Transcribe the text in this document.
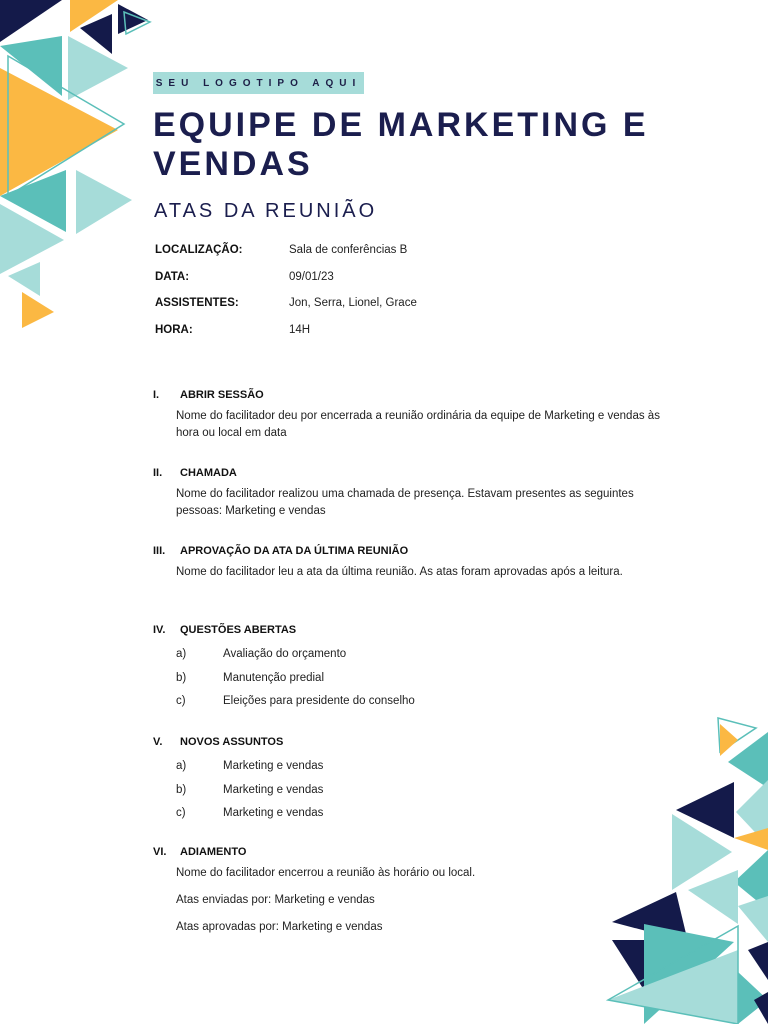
SEU LOGOTIPO AQUI
EQUIPE DE MARKETING E VENDAS
ATAS DA REUNIÃO
LOCALIZAÇÃO:	Sala de conferências B
DATA:	09/01/23
ASSISTENTES:	Jon, Serra, Lionel, Grace
HORA:	14H
I.	ABRIR SESSÃO

Nome do facilitador deu por encerrada a reunião ordinária da equipe de Marketing e vendas às hora ou local em data

II.	CHAMADA

Nome do facilitador realizou uma chamada de presença. Estavam presentes as seguintes pessoas: Marketing e vendas

III.	APROVAÇÃO DA ATA DA ÚLTIMA REUNIÃO

Nome do facilitador leu a ata da última reunião. As atas foram aprovadas após a leitura.

IV.	QUESTÕES ABERTAS
a)	Avaliação do orçamento
b)	Manutenção predial
c)	Eleições para presidente do conselho
V.	NOVOS ASSUNTOS
a)	Marketing e vendas
b)	Marketing e vendas
c)	Marketing e vendas
VI.	ADIAMENTO

Nome do facilitador encerrou a reunião às horário ou local.

Atas enviadas por: Marketing e vendas

Atas aprovadas por: Marketing e vendas
